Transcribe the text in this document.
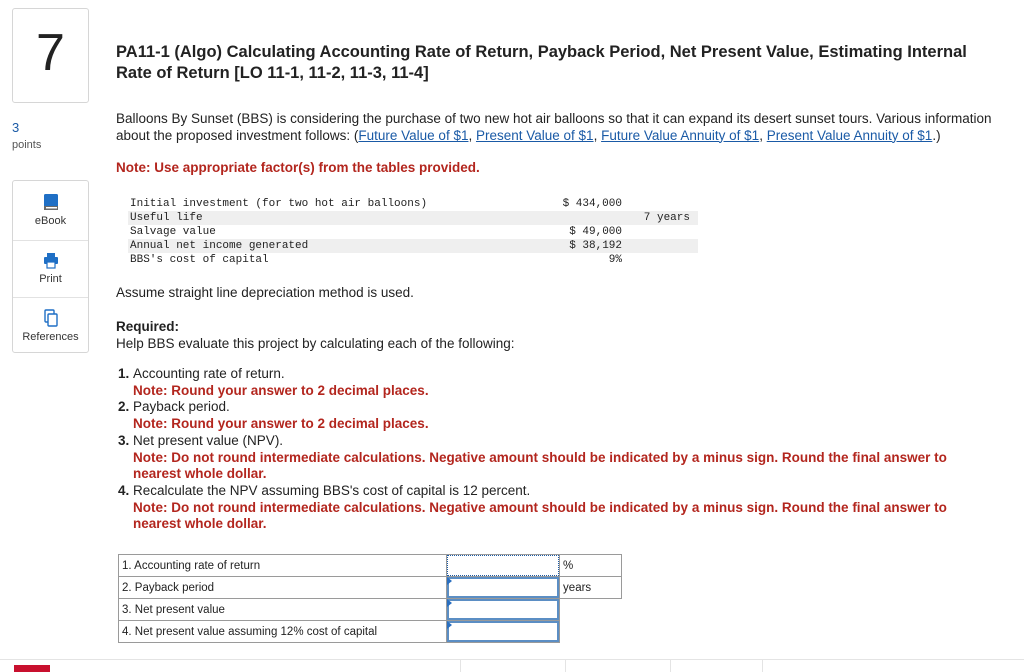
7
3
points
eBook
Print
References
PA11-1 (Algo) Calculating Accounting Rate of Return, Payback Period, Net Present Value, Estimating Internal Rate of Return [LO 11-1, 11-2, 11-3, 11-4]
Balloons By Sunset (BBS) is considering the purchase of two new hot air balloons so that it can expand its desert sunset tours. Various information about the proposed investment follows: (Future Value of $1, Present Value of $1, Future Value Annuity of $1, Present Value Annuity of $1.)
Note: Use appropriate factor(s) from the tables provided.
Initial investment (for two hot air balloons)	$ 434,000
Useful life	7 years
Salvage value	$ 49,000
Annual net income generated	$ 38,192
BBS's cost of capital	9%
Assume straight line depreciation method is used.
Required:
Help BBS evaluate this project by calculating each of the following:
1. Accounting rate of return.
Note: Round your answer to 2 decimal places.
2. Payback period.
Note: Round your answer to 2 decimal places.
3. Net present value (NPV).
Note: Do not round intermediate calculations. Negative amount should be indicated by a minus sign. Round the final answer to nearest whole dollar.
4. Recalculate the NPV assuming BBS's cost of capital is 12 percent.
Note: Do not round intermediate calculations. Negative amount should be indicated by a minus sign. Round the final answer to nearest whole dollar.
1. Accounting rate of return		%
2. Payback period		years
3. Net present value	

4. Net present value assuming 12% cost of capital	
